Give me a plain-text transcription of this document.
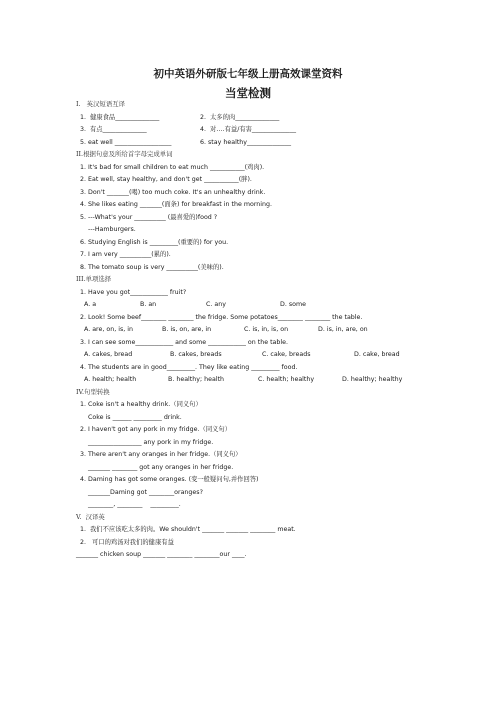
初中英语外研版七年级上册高效课堂资料
当堂检测
I.   英汉短语互译
1.  健康食品______________	2.  太多的肉______________
3.  有点______________	4.  对….有益/有害______________
5. eat well __________________	6. stay healthy______________
II.根据句意及所给首字母完成单词
1. It's bad for small children to eat much ___________(鸡肉).
2. Eat well, stay healthy, and don't get ___________(胖).
3. Don't _______(喝) too much coke. It's an unhealthy drink.
4. She likes eating _______(面条) for breakfast in the morning.
5. ---What's your __________ (最喜爱的)food ?
---Hamburgers.
6. Studying English is _________(重要的) for you.
7. I am very __________(累的).
8. The tomato soup is very __________(美味的).
III.单项选择
1. Have you got____________ fruit?

A. a

	B. an

	C. any

	D. some

2. Look! Some beef________ ________ the fridge. Some potatoes________ ________ the table.

A. are, on, is, in

	B. is, on, are, in

	C. is, in, is, on

	D. is, in, are, on

3. I can see some____________ and some ____________ on the table.

A. cakes, bread

	B. cakes, breads

	C. cake, breads

	D. cake, bread

4. The students are in good_________. They like eating _________ food.

A. health; health

	B. healthy; health

	C. health; healthy

	D. healthy; healthy

IV.句型转换
1. Coke isn't a healthy drink.（同义句）
Coke is ______ _________ drink.
2. I haven't got any pork in my fridge.（同义句）
_________________ any pork in my fridge.
3. There aren't any oranges in her fridge.（同义句）
_______ ________ got any oranges in her fridge.
4. Daming has got some oranges. (变一般疑问句,并作回答)
_______Daming got ________oranges?
________, ________    _________.
V.  汉译英
1.  我们不应该吃太多的肉。We shouldn't _______ _______ ________ meat.
2.   可口的鸡汤对我们的健康有益
_______ chicken soup _______ ________ ________our ____.
